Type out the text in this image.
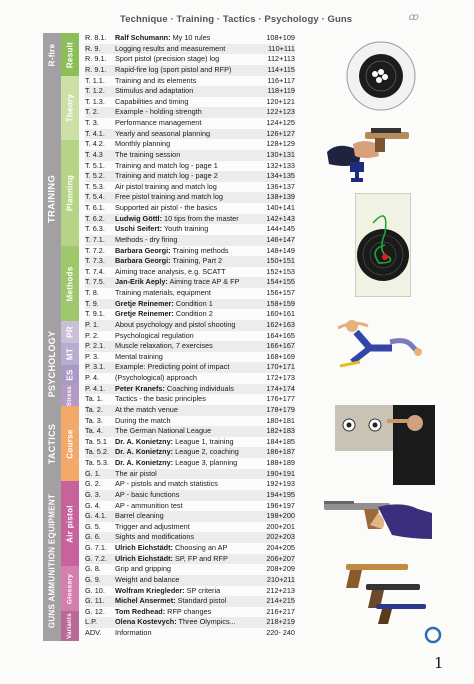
Technique · Training · Tactics · Psychology · Guns	ꝏ
R-fire Result
TRAINING
Theory
Planning
Methods
PSYCHOLOGY PR
MT
ES
Stress
TACTICS Course
GUNS AMMUNITION EQUIPMENT Air pistol
Glossary
Variants
R. 8.1.	Ralf Schumann: My 10 rules	108+109
R. 9.	Logging results and measurement	110+111
R. 9.1.	Sport pistol (precision stage) log	112+113
R. 9.1.	Rapid-fire log (sport pistol and RFP)	114+115
T. 1.1.	Training and its elements	116+117
T. 1.2.	Stimulus and adaptation	118+119
T. 1.3.	Capabilities and timing	120+121
T. 2.	Example - holding strength	122+123
T. 3.	Performance management	124+125
T. 4.1.	Yearly and seasonal planning	126+127
T. 4.2.	Monthly planning	128+129
T. 4.3	The training session	130+131
T. 5.1.	Training and match log - page 1	132+133
T. 5.2.	Training and match log - page 2	134+135
T. 5.3.	Air pistol training and match log	136+137
T. 5.4.	Free pistol training and match log	138+139
T. 6.1.	Supported air pistol - the basics	140+141
T. 6.2.	Ludwig Göttl: 10 tips from the master	142+143
T. 6.3.	Uschi Seifert: Youth training	144+145
T. 7.1.	Methods - dry firing	146+147
T. 7.2.	Barbara Georgi: Training methods	148+149
T. 7.3.	Barbara Georgi: Training, Part 2	150+151
T. 7.4.	Aiming trace analysis, e.g. SCATT	152+153
T. 7.5.	Jan-Erik Aeply: Aiming trace AP & FP	154+155
T. 8.	Training materials, equipment	156+157
T. 9.	Gretje Reinemer: Condition 1	158+159
T. 9.1.	Gretje Reinemer: Condition 2	160+161
P. 1.	About psychology and pistol shooting	162+163
P. 2.	Psychological regulation	164+165
P. 2.1.	Muscle relaxation, 7 exercises	166+167
P. 3.	Mental training	168+169
P. 3.1.	Example: Predicting point of impact	170+171
P. 4.	(Psychological) approach	172+173
P. 4.1.	Peter Kranefs: Coaching individuals	174+174
Ta. 1.	Tactics - the basic principles	176+177
Ta. 2.	At the match venue	178+179
Ta. 3.	During the match	180+181
Ta. 4.	The German National League	182+183
Ta. 5.1	Dr. A. Konietzny: League 1, training	184+185
Ta. 5.2. Dr. A. Konietzny: League 2, coaching	186+187
Ta. 5.3. Dr. A. Konietzny: League 3, planning	188+189
G. 1.	The air pistol	190+191
G. 2.	AP - pistols and match statistics	192+193
G. 3.	AP - basic functions	194+195
G. 4.	AP - ammunition test	196+197
G. 4.1.	Barrel cleaning	198+200
G. 5.	Trigger and adjustment	200+201
G. 6.	Sights and modifications	202+203
G. 7.1.	Ulrich Eichstädt: Choosing an AP	204+205
G. 7.2.	Ulrich Eichstädt: SP, FP and RFP	206+207
G. 8.	Grip and gripping	208+209
G. 9.	Weight and balance	210+211
G. 10.	Wolfram Kriegleder: SP criteria	212+213
G. 11.	Michel Ansermet: Standard pistol	214+215
G. 12.	Tom Redhead: RFP changes	216+217
L.P.	Olena Kostevych: Three Olympics...	218+219
ADV.	Information	220- 240
1
